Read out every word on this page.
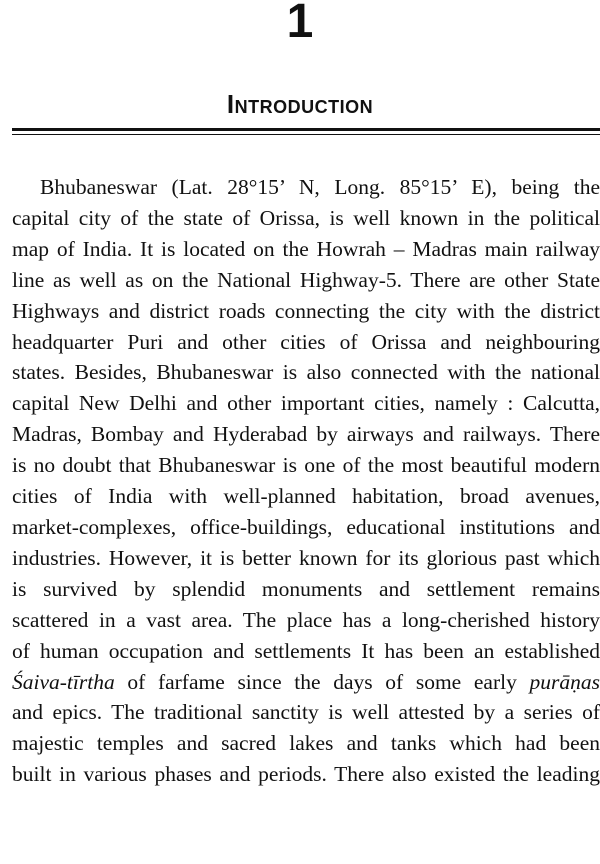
1
Introduction
Bhubaneswar (Lat. 28°15’ N, Long. 85°15’ E), being the
capital city of the state of Orissa, is well known in the political
map of India. It is located on the Howrah – Madras main railway
line as well as on the National Highway-5. There are other State
Highways and district roads connecting the city with the district
headquarter Puri and other cities of Orissa and neighbouring
states. Besides, Bhubaneswar is also connected with the national
capital New Delhi and other important cities, namely : Calcutta,
Madras, Bombay and Hyderabad by airways and railways. There
is no doubt that Bhubaneswar is one of the most beautiful modern
cities of India with well-planned habitation, broad avenues,
market-complexes, office-buildings, educational institutions and
industries. However, it is better known for its glorious past which
is survived by splendid monuments and settlement remains
scattered in a vast area. The place has a long-cherished history
of human occupation and settlements It has been an established
Śaiva-tīrtha of farfame since the days of some early purāṇas
and epics. The traditional sanctity is well attested by a series of
majestic temples and sacred lakes and tanks which had been
built in various phases and periods. There also existed the leading
